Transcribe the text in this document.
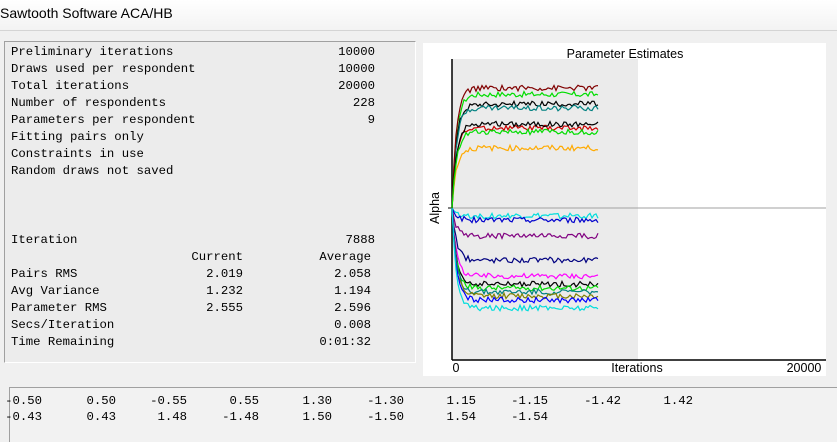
Sawtooth Software ACA/HB
Preliminary iterations	10000
Draws used per respondent	10000
Total iterations	20000
Number of respondents	228
Parameters per respondent	9
Fitting pairs only
Constraints in use
Random draws not saved
Iteration	7888
Current	Average
Pairs RMS	2.019	2.058
Avg Variance	1.232	1.194
Parameter RMS	2.555	2.596
Secs/Iteration	0.008
Time Remaining	0:01:32
Parameter Estimates
Alpha
Iterations
0	20000
-0.50	0.50	-0.55	0.55	1.30	-1.30	1.15	-1.15	-1.42	1.42
-0.43	0.43	1.48	-1.48	1.50	-1.50	1.54	-1.54
